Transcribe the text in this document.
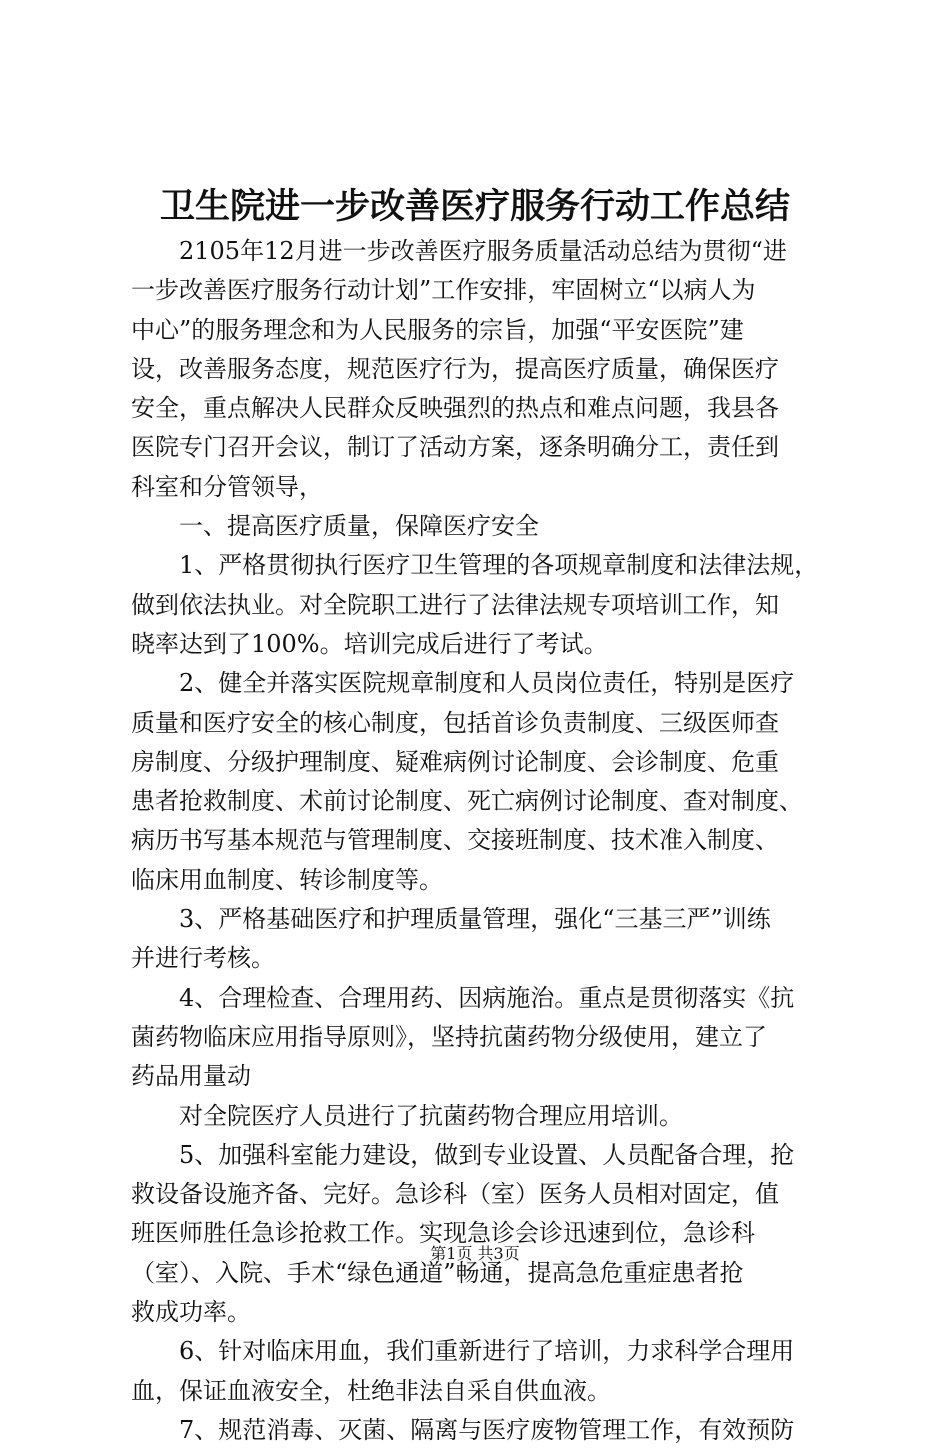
卫生院进一步改善医疗服务行动工作总结
　　2105年12月进一步改善医疗服务质量活动总结为贯彻“进
一步改善医疗服务行动计划”工作安排，牢固树立“以病人为
中心”的服务理念和为人民服务的宗旨，加强“平安医院”建
设，改善服务态度，规范医疗行为，提高医疗质量，确保医疗
安全，重点解决人民群众反映强烈的热点和难点问题，我县各
医院专门召开会议，制订了活动方案，逐条明确分工，责任到
科室和分管领导，
　　一、提高医疗质量，保障医疗安全
　　1、严格贯彻执行医疗卫生管理的各项规章制度和法律法规，
做到依法执业。对全院职工进行了法律法规专项培训工作，知
晓率达到了100%。培训完成后进行了考试。
　　2、健全并落实医院规章制度和人员岗位责任，特别是医疗
质量和医疗安全的核心制度，包括首诊负责制度、三级医师查
房制度、分级护理制度、疑难病例讨论制度、会诊制度、危重
患者抢救制度、术前讨论制度、死亡病例讨论制度、查对制度、
病历书写基本规范与管理制度、交接班制度、技术准入制度、
临床用血制度、转诊制度等。
　　3、严格基础医疗和护理质量管理，强化“三基三严”训练
并进行考核。
　　4、合理检查、合理用药、因病施治。重点是贯彻落实《抗
菌药物临床应用指导原则》，坚持抗菌药物分级使用，建立了
药品用量动
　　对全院医疗人员进行了抗菌药物合理应用培训。
　　5、加强科室能力建设，做到专业设置、人员配备合理，抢
救设备设施齐备、完好。急诊科（室）医务人员相对固定，值
班医师胜任急诊抢救工作。实现急诊会诊迅速到位，急诊科
（室）、入院、手术“绿色通道”畅通，提高急危重症患者抢
救成功率。
　　6、针对临床用血，我们重新进行了培训，力求科学合理用
血，保证血液安全，杜绝非法自采自供血液。
　　7、规范消毒、灭菌、隔离与医疗废物管理工作，有效预防
第1页 共3页
